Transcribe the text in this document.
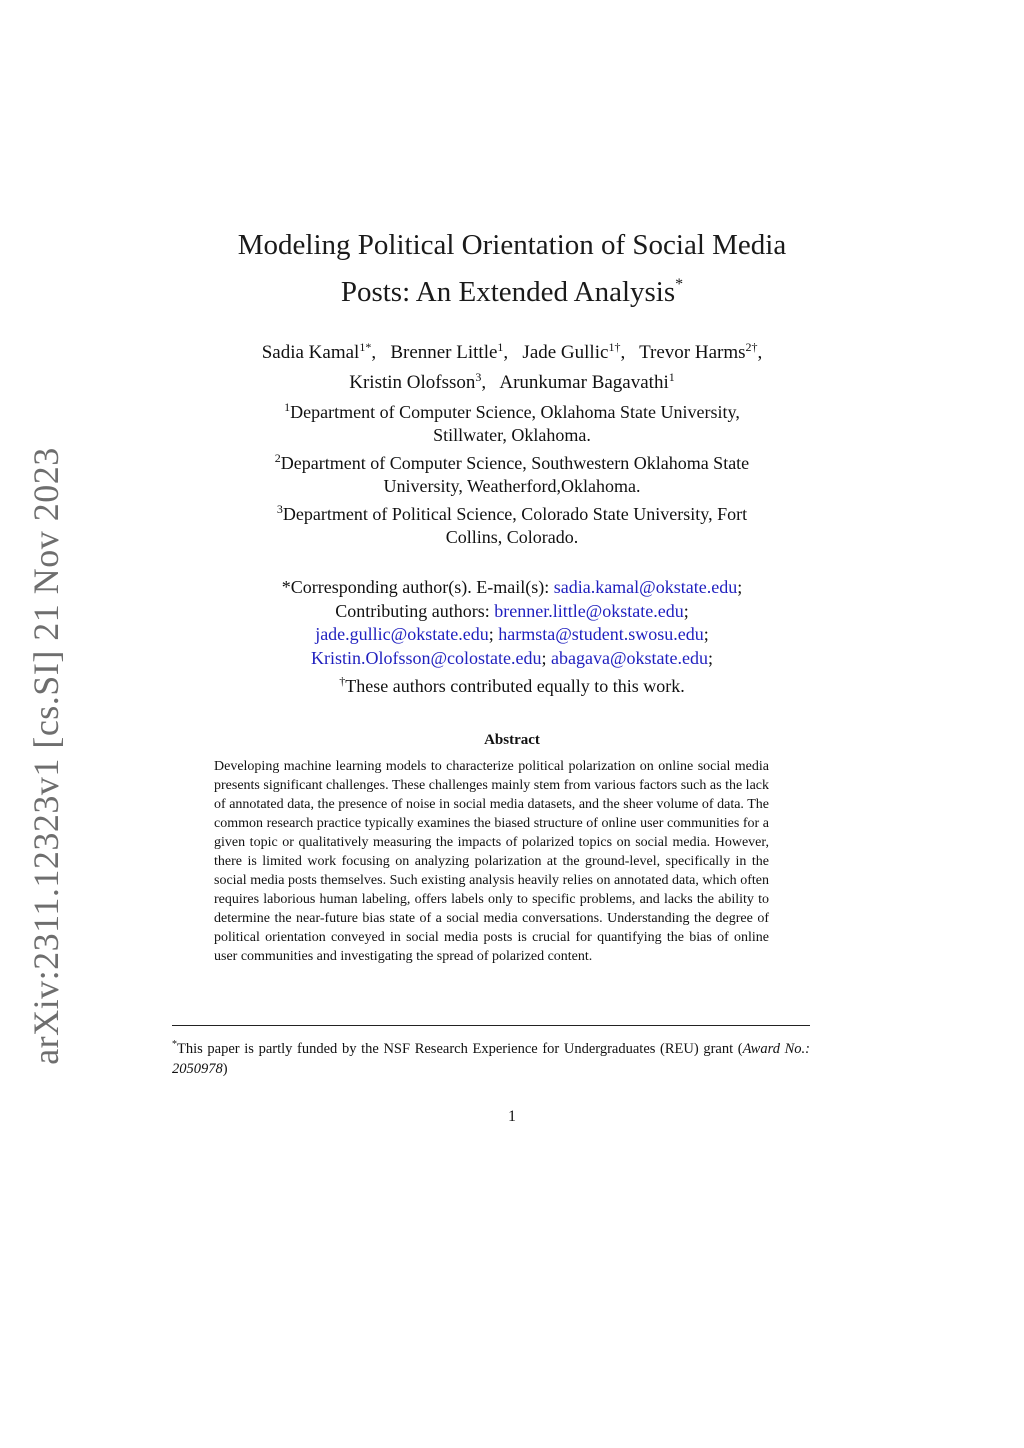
arXiv:2311.12323v1 [cs.SI] 21 Nov 2023
Modeling Political Orientation of Social Media
Posts: An Extended Analysis*
Sadia Kamal$^{1*}$, Brenner Little$^1$, Jade Gullic$^{1\dagger}$, Trevor Harms$^{2\dagger}$,
Kristin Olofsson$^3$, Arunkumar Bagavathi$^1$
$^1$Department of Computer Science, Oklahoma State University,
Stillwater, Oklahoma.
$^2$Department of Computer Science, Southwestern Oklahoma State
University, Weatherford,Oklahoma.
$^3$Department of Political Science, Colorado State University, Fort
Collins, Colorado.
*Corresponding author(s). E-mail(s): sadia.kamal@okstate.edu;
Contributing authors: brenner.little@okstate.edu;
jade.gullic@okstate.edu; harmsta@student.swosu.edu;
Kristin.Olofsson@colostate.edu; abagava@okstate.edu;
†These authors contributed equally to this work.
Abstract
Developing machine learning models to characterize political polarization on online social media presents significant challenges. These challenges mainly stem from various factors such as the lack of annotated data, the presence of noise in social media datasets, and the sheer volume of data. The common research practice typically examines the biased structure of online user communities for a given topic or qualitatively measuring the impacts of polarized topics on social media. However, there is limited work focusing on analyzing polarization at the ground-level, specifically in the social media posts themselves. Such existing analysis heavily relies on annotated data, which often requires laborious human labeling, offers labels only to specific problems, and lacks the ability to determine the near-future bias state of a social media conversations. Understanding the degree of political orientation conveyed in social media posts is crucial for quantifying the bias of online user communities and investigating the spread of polarized content.
*This paper is partly funded by the NSF Research Experience for Undergraduates (REU) grant (Award No.: 2050978)
1
